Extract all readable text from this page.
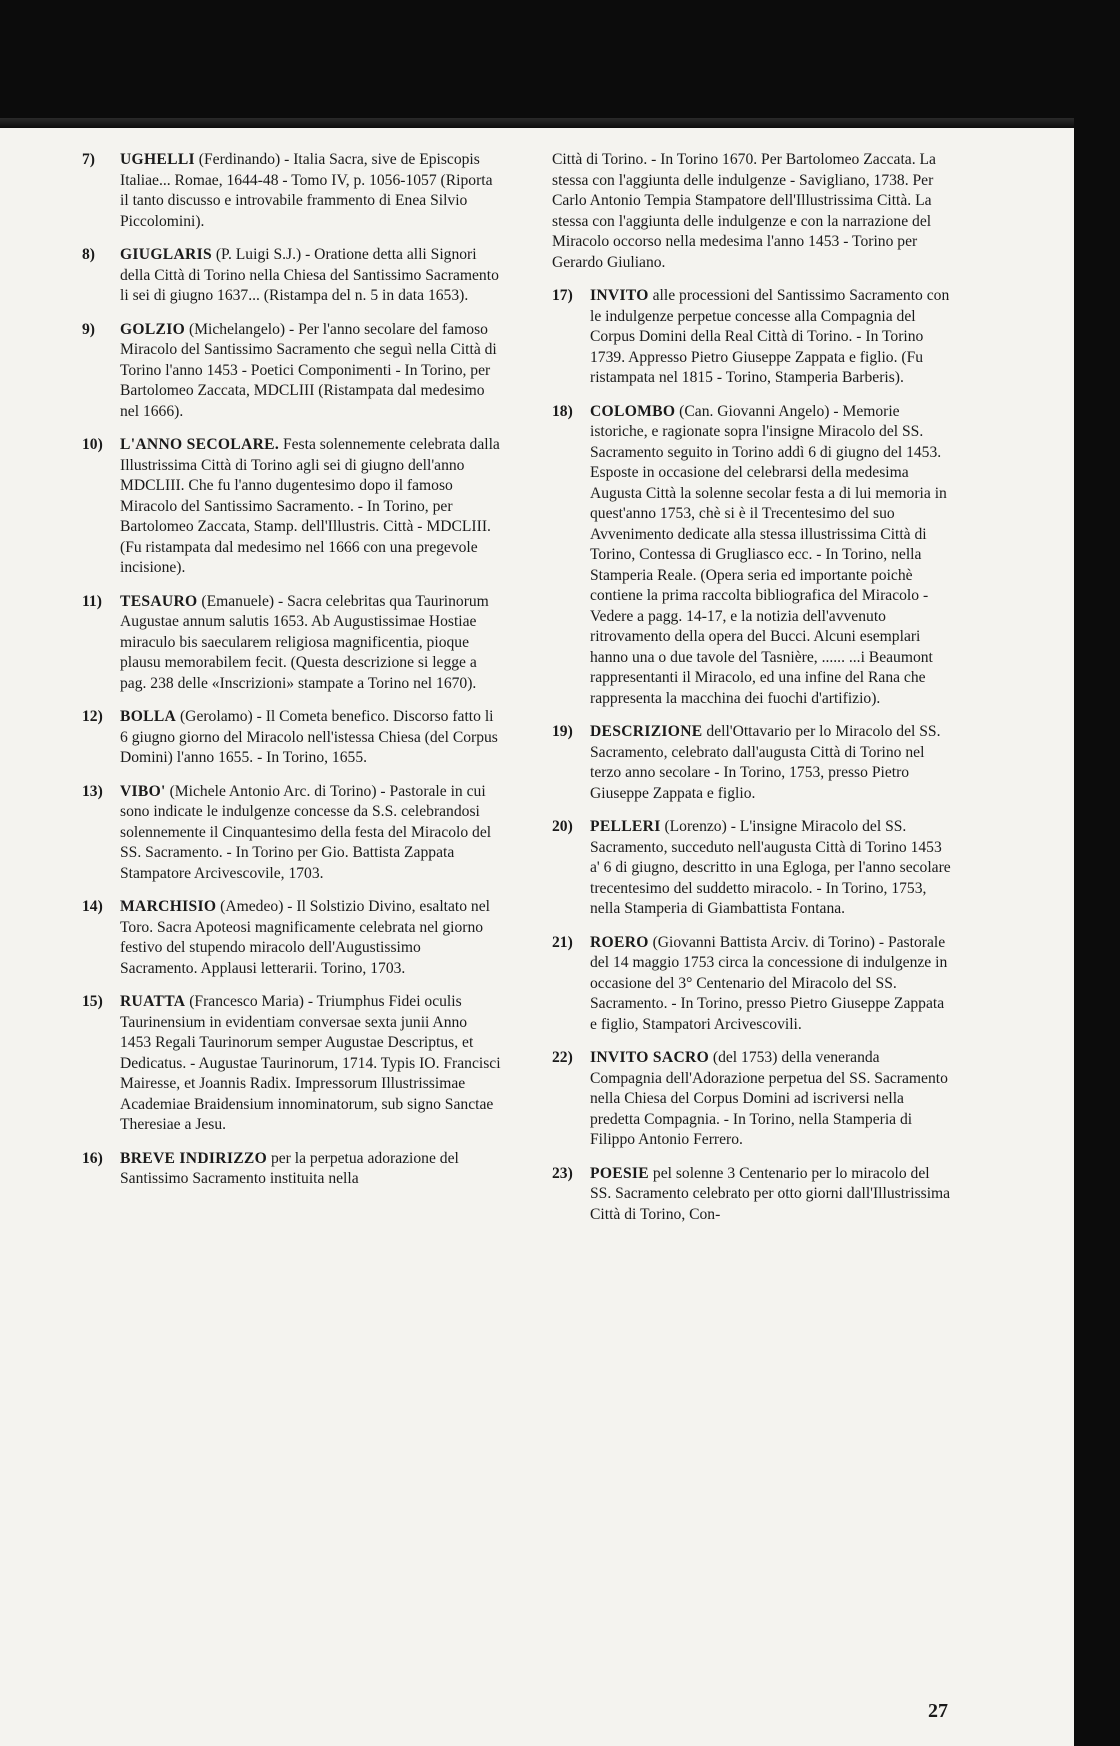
7)	UGHELLI (Ferdinando) - Italia Sacra, sive de Episcopis Italiae... Romae, 1644-48 - Tomo IV, p. 1056-1057 (Riporta il tanto discusso e introvabile frammento di Enea Silvio Piccolomini).
8)	GIUGLARIS (P. Luigi S.J.) - Oratione detta alli Signori della Città di Torino nella Chiesa del Santissimo Sacramento li sei di giugno 1637... (Ristampa del n. 5 in data 1653).
9)	GOLZIO (Michelangelo) - Per l'anno secolare del famoso Miracolo del Santissimo Sacramento che seguì nella Città di Torino l'anno 1453 - Poetici Componimenti - In Torino, per Bartolomeo Zaccata, MDCLIII (Ristampata dal medesimo nel 1666).
10)	L'ANNO SECOLARE. Festa solennemente celebrata dalla Illustrissima Città di Torino agli sei di giugno dell'anno MDCLIII. Che fu l'anno dugentesimo dopo il famoso Miracolo del Santissimo Sacramento. - In Torino, per Bartolomeo Zaccata, Stamp. dell'Illustris. Città - MDCLIII. (Fu ristampata dal medesimo nel 1666 con una pregevole incisione).
11)	TESAURO (Emanuele) - Sacra celebritas qua Taurinorum Augustae annum salutis 1653. Ab Augustissimae Hostiae miraculo bis saecularem religiosa magnificentia, pioque plausu memorabilem fecit. (Questa descrizione si legge a pag. 238 delle «Inscrizioni» stampate a Torino nel 1670).
12)	BOLLA (Gerolamo) - Il Cometa benefico. Discorso fatto li 6 giugno giorno del Miracolo nell'istessa Chiesa (del Corpus Domini) l'anno 1655. - In Torino, 1655.
13)	VIBO' (Michele Antonio Arc. di Torino) - Pastorale in cui sono indicate le indulgenze concesse da S.S. celebrandosi solennemente il Cinquantesimo della festa del Miracolo del SS. Sacramento. - In Torino per Gio. Battista Zappata Stampatore Arcivescovile, 1703.
14)	MARCHISIO (Amedeo) - Il Solstizio Divino, esaltato nel Toro. Sacra Apoteosi magnificamente celebrata nel giorno festivo del stupendo miracolo dell'Augustissimo Sacramento. Applausi letterarii. Torino, 1703.
15)	RUATTA (Francesco Maria) - Triumphus Fidei oculis Taurinensium in evidentiam conversae sexta junii Anno 1453 Regali Taurinorum semper Augustae Descriptus, et Dedicatus. - Augustae Taurinorum, 1714. Typis IO. Francisci Mairesse, et Joannis Radix. Impressorum Illustrissimae Academiae Braidensium innominatorum, sub signo Sanctae Theresiae a Jesu.
16)	BREVE INDIRIZZO per la perpetua adorazione del Santissimo Sacramento instituita nella
Città di Torino. - In Torino 1670. Per Bartolomeo Zaccata. La stessa con l'aggiunta delle indulgenze - Savigliano, 1738. Per Carlo Antonio Tempia Stampatore dell'Illustrissima Città. La stessa con l'aggiunta delle indulgenze e con la narrazione del Miracolo occorso nella medesima l'anno 1453 - Torino per Gerardo Giuliano.
17)	INVITO alle processioni del Santissimo Sacramento con le indulgenze perpetue concesse alla Compagnia del Corpus Domini della Real Città di Torino. - In Torino 1739. Appresso Pietro Giuseppe Zappata e figlio. (Fu ristampata nel 1815 - Torino, Stamperia Barberis).
18)	COLOMBO (Can. Giovanni Angelo) - Memorie istoriche, e ragionate sopra l'insigne Miracolo del SS. Sacramento seguito in Torino addì 6 di giugno del 1453. Esposte in occasione del celebrarsi della medesima Augusta Città la solenne secolar festa a di lui memoria in quest'anno 1753, chè si è il Trecentesimo del suo Avvenimento dedicate alla stessa illustrissima Città di Torino, Contessa di Grugliasco ecc. - In Torino, nella Stamperia Reale. (Opera seria ed importante poichè contiene la prima raccolta bibliografica del Miracolo - Vedere a pagg. 14-17, e la notizia dell'avvenuto ritrovamento della opera del Bucci. Alcuni esemplari hanno una o due tavole del Tasnière, ...... ...i Beaumont rappresentanti il Miracolo, ed una infine del Rana che rappresenta la macchina dei fuochi d'artifizio).
19)	DESCRIZIONE dell'Ottavario per lo Miracolo del SS. Sacramento, celebrato dall'augusta Città di Torino nel terzo anno secolare - In Torino, 1753, presso Pietro Giuseppe Zappata e figlio.
20)	PELLERI (Lorenzo) - L'insigne Miracolo del SS. Sacramento, succeduto nell'augusta Città di Torino 1453 a' 6 di giugno, descritto in una Egloga, per l'anno secolare trecentesimo del suddetto miracolo. - In Torino, 1753, nella Stamperia di Giambattista Fontana.
21)	ROERO (Giovanni Battista Arciv. di Torino) - Pastorale del 14 maggio 1753 circa la concessione di indulgenze in occasione del 3° Centenario del Miracolo del SS. Sacramento. - In Torino, presso Pietro Giuseppe Zappata e figlio, Stampatori Arcivescovili.
22)	INVITO SACRO (del 1753) della veneranda Compagnia dell'Adorazione perpetua del SS. Sacramento nella Chiesa del Corpus Domini ad iscriversi nella predetta Compagnia. - In Torino, nella Stamperia di Filippo Antonio Ferrero.
23)	POESIE pel solenne 3 Centenario per lo miracolo del SS. Sacramento celebrato per otto giorni dall'Illustrissima Città di Torino, Con-
27
